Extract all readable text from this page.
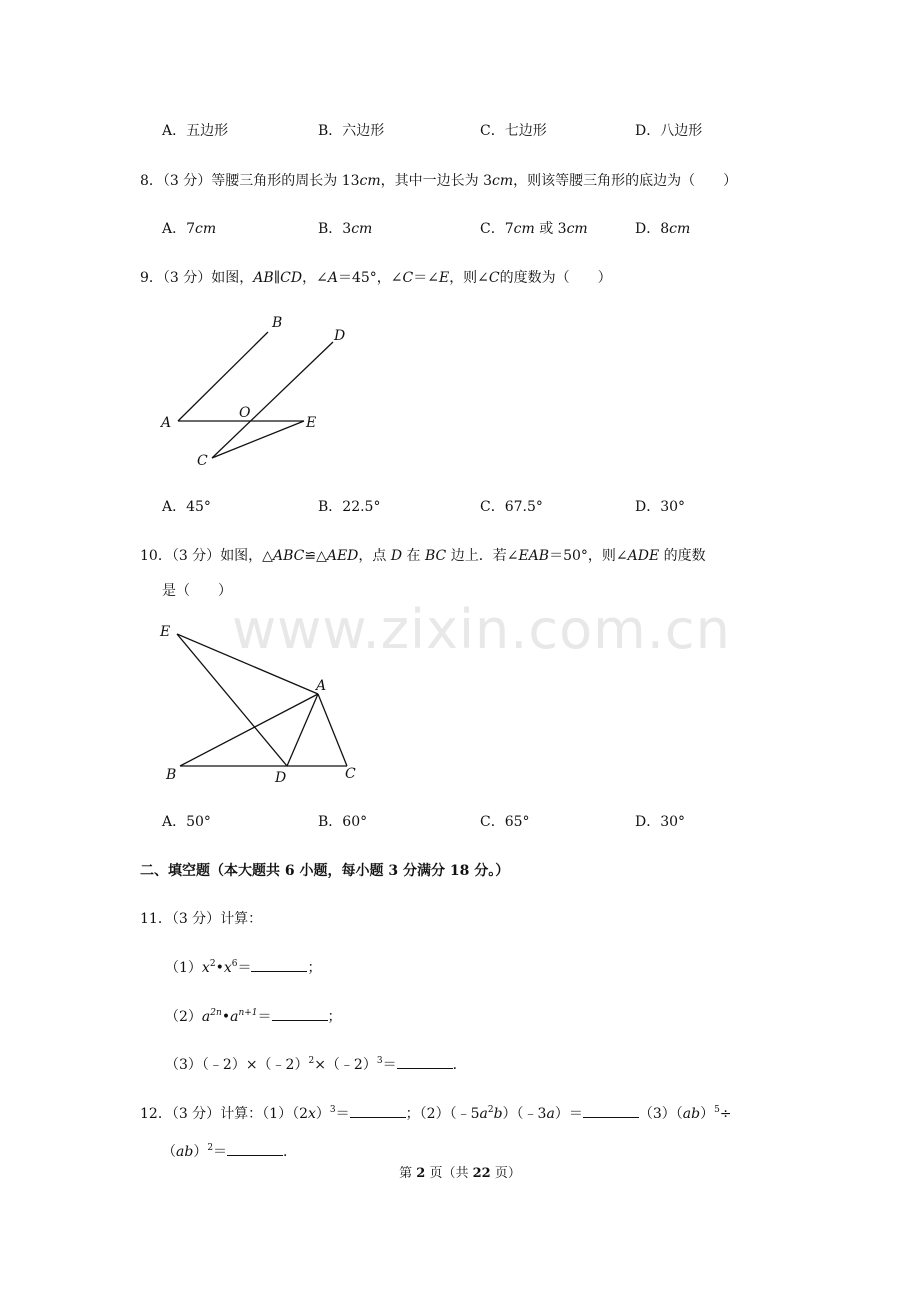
www.zixin.com.cn
A．五边形	B．六边形	C．七边形	D．八边形
8．（3 分）等腰三角形的周长为 13cm，其中一边长为 3cm，则该等腰三角形的底边为（　　）
A．7cm	B．3cm	C．7cm 或 3cm	D．8cm
9．（3 分）如图，AB∥CD，∠A＝45°，∠C＝∠E，则∠C的度数为（　　）
B
D
A
O
E
C
A．45°	B．22.5°	C．67.5°	D．30°
10．（3 分）如图，△ABC≌△AED，点 D 在 BC 边上．若∠EAB＝50°，则∠ADE 的度数
是（　　）
E
A
B	D	C
A．50°	B．60°	C．65°	D．30°
二、填空题（本大题共 6 小题，每小题 3 分满分 18 分。）
11．（3 分）计算：
$(1)x^2•x^6=$	；
$(2)a^{2n}•a^{n+1}=$	；
（3）（﹣2）×（﹣2）$^2$×（﹣2）$^3$＝	．
12．（3 分）计算：$(1)(2x)^3=$	；$(2)(﹣5a^2b)(﹣3a)=$	（3）（ab）$^5$÷
（ab）$^2$＝	．
第 2 页（共 22 页）
